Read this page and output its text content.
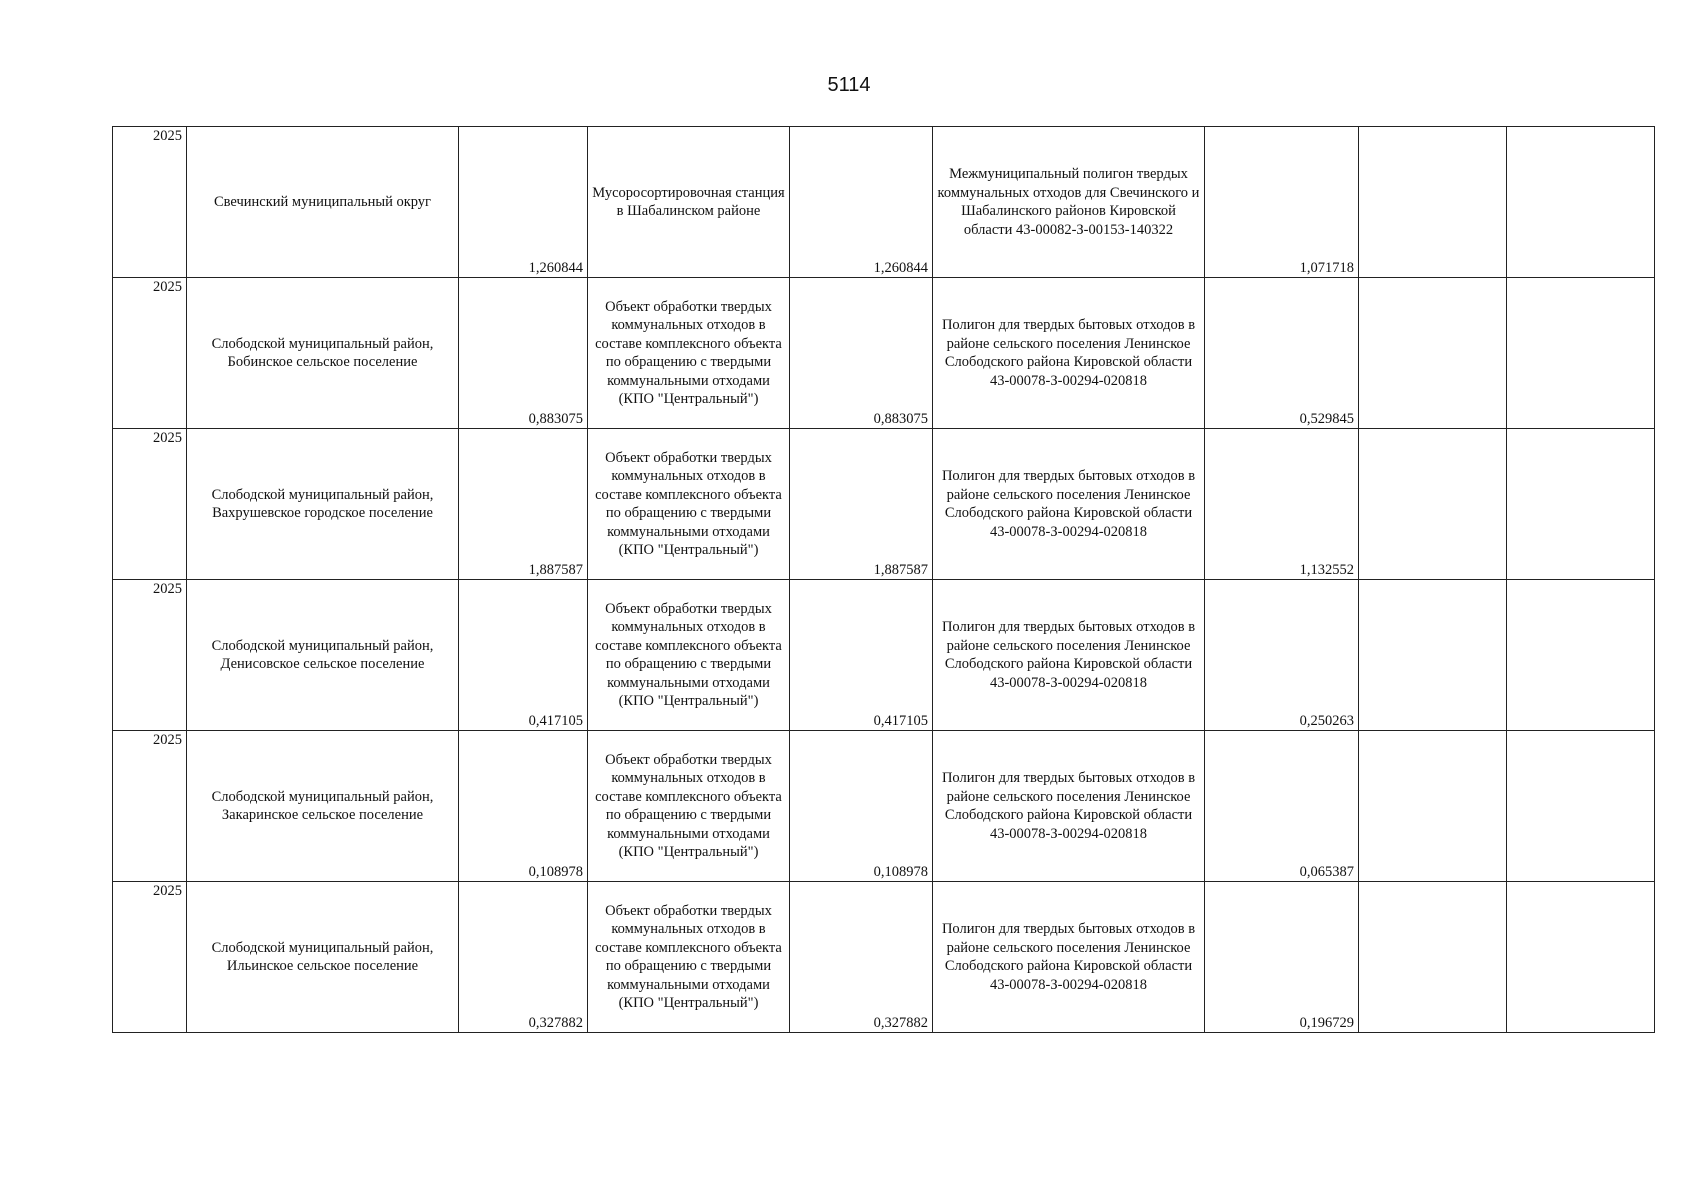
5114
2025	Свечинский муниципальный округ	1,260844	Мусоросортировочная станция в Шабалинском районе	1,260844	Межмуниципальный полигон твердых коммунальных отходов для Свечинского и Шабалинского районов Кировской области 43-00082-З-00153-140322	1,071718		
2025	Слободской муниципальный район, Бобинское сельское поселение	0,883075	Объект обработки твердых коммунальных отходов в составе комплексного объекта по обращению с твердыми коммунальными отходами (КПО "Центральный")	0,883075	Полигон для твердых бытовых отходов в районе сельского поселения Ленинское Слободского района Кировской области 43-00078-З-00294-020818	0,529845		
2025	Слободской муниципальный район, Вахрушевское городское поселение	1,887587	Объект обработки твердых коммунальных отходов в составе комплексного объекта по обращению с твердыми коммунальными отходами (КПО "Центральный")	1,887587	Полигон для твердых бытовых отходов в районе сельского поселения Ленинское Слободского района Кировской области 43-00078-З-00294-020818	1,132552		
2025	Слободской муниципальный район, Денисовское сельское поселение	0,417105	Объект обработки твердых коммунальных отходов в составе комплексного объекта по обращению с твердыми коммунальными отходами (КПО "Центральный")	0,417105	Полигон для твердых бытовых отходов в районе сельского поселения Ленинское Слободского района Кировской области 43-00078-З-00294-020818	0,250263		
2025	Слободской муниципальный район, Закаринское сельское поселение	0,108978	Объект обработки твердых коммунальных отходов в составе комплексного объекта по обращению с твердыми коммунальными отходами (КПО "Центральный")	0,108978	Полигон для твердых бытовых отходов в районе сельского поселения Ленинское Слободского района Кировской области 43-00078-З-00294-020818	0,065387		
2025	Слободской муниципальный район, Ильинское сельское поселение	0,327882	Объект обработки твердых коммунальных отходов в составе комплексного объекта по обращению с твердыми коммунальными отходами (КПО "Центральный")	0,327882	Полигон для твердых бытовых отходов в районе сельского поселения Ленинское Слободского района Кировской области 43-00078-З-00294-020818	0,196729		
